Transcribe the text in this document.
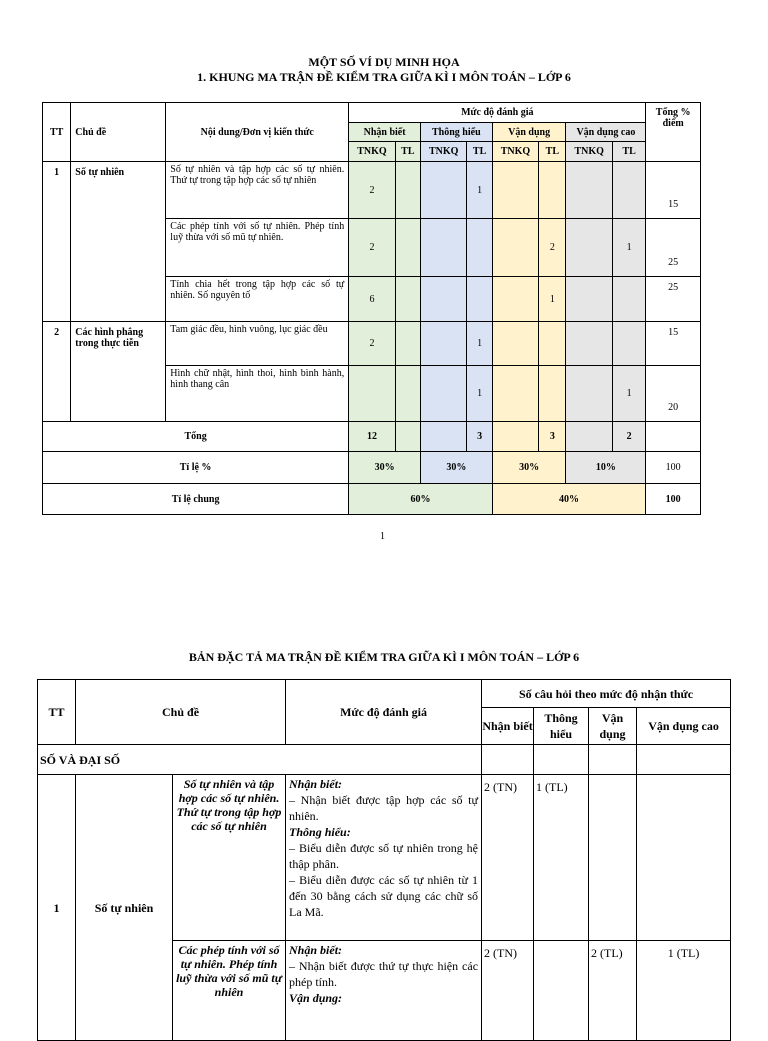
MỘT SỐ VÍ DỤ MINH HỌA
1. KHUNG MA TRẬN ĐỀ KIỂM TRA GIỮA KÌ I MÔN TOÁN – LỚP 6
TT	Chủ đề	Nội dung/Đơn vị kiến thức	Mức độ đánh giá								Tổng % điểm
			Nhận biết		Thông hiểu		Vận dụng		Vận dụng cao		
			TNKQ	TL	TNKQ	TL	TNKQ	TL	TNKQ	TL	
1	Số tự nhiên	Số tự nhiên và tập hợp các số tự nhiên. Thứ tự trong tập hợp các số tự nhiên	2			1					15
		Các phép tính với số tự nhiên. Phép tính luỹ thừa với số mũ tự nhiên.	2					2		1	25
		Tính chia hết trong tập hợp các số tự nhiên. Số nguyên tố	6					1			25
2	Các hình phẳng trong thực tiễn	Tam giác đều, hình vuông, lục giác đều	2			1					15
		Hình chữ nhật, hình thoi, hình bình hành, hình thang cân				1				1	20
Tổng			12			3		3		2	
Tỉ lệ %			30%		30%		30%		10%		100
Tỉ lệ chung			60%				40%				100
1
BẢN ĐẶC TẢ MA TRẬN ĐỀ KIỂM TRA GIỮA KÌ I MÔN TOÁN – LỚP 6
TT	Chủ đề		Mức độ đánh giá	Số câu hỏi theo mức độ nhận thức			
				Nhận biết	Thông hiểu	Vận dụng	Vận dụng cao
SỐ VÀ ĐẠI SỐ							
1	Số tự nhiên	Số tự nhiên và tập hợp các số tự nhiên. Thứ tự trong tập hợp các số tự nhiên	Nhận biết:
– Nhận biết được tập hợp các số tự nhiên.
Thông hiểu:
– Biểu diễn được số tự nhiên trong hệ thập phân.
– Biểu diễn được các số tự nhiên từ 1 đến 30 bằng cách sử dụng các chữ số La Mã.	2 (TN)	1 (TL)		
		Các phép tính với số tự nhiên. Phép tính luỹ thừa với số mũ tự nhiên	Nhận biết:
– Nhận biết được thứ tự thực hiện các phép tính.
Vận dụng:	2 (TN)		2 (TL)	1 (TL)
